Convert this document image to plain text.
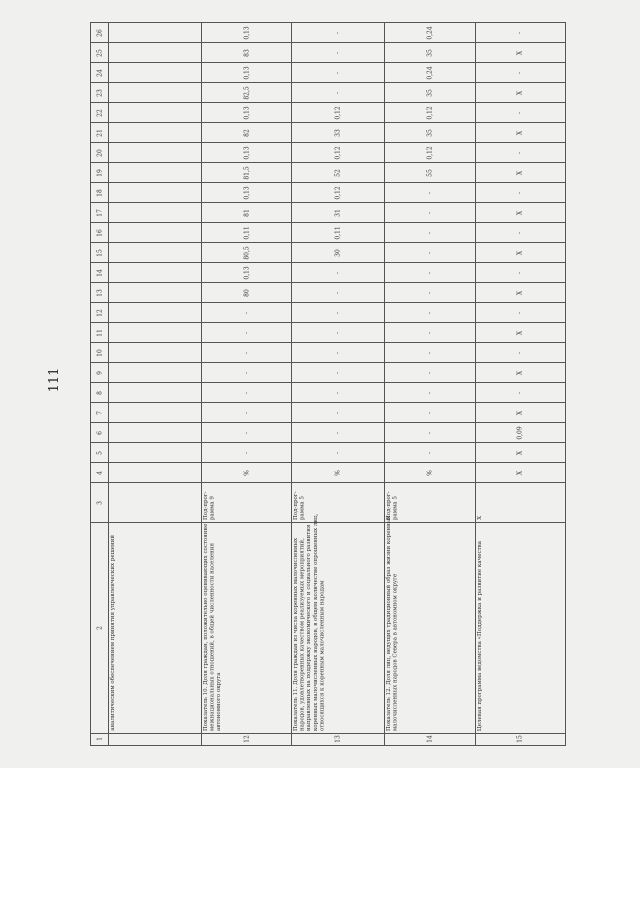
111
26		0,13	-	0,24	-

25		83	-	35	X

24		0,13	-	0,24	-

23		82,5	-	35	X

22		0,13	0,12	0,12	-

21		82	33	35	X

20		0,13	0,12	0,12	-

19		81,5	52	55	X

18		0,13	0,12	-	-

17		81	31	-	X

16		0,11	0,11	-	-

15		80,5	30	-	X

14		0,13	-	-	-

13		80	-	-	X

12		-	-	-	-

11		-	-	-	X

10		-	-	-	-

9		-	-	-	X

8		-	-	-	-

7		-	-	-	X

6		-	-	-	0,09

5		-	-	-	X

4		%	%	%	X

3		Под-прог-рамма 9	Под-прог-рамма 5	Под-прог-рамма 5	X

2	аналитическим обеспечением принятия управленческих решений	Показатель 10. Доля граждан, положительно оценивающих состояние межнациональных отношений, в общей численности населения автономного округа	Показатель 11. Доля граждан из числа коренных малочисленных народов, удовлетворенных качеством реализуемых мероприятий, направленных на поддержку экономического и социального развития коренных малочисленных народов, в общем количестве опрошенных лиц, относящихся к коренным малочисленным народам	Показатель 12. Доля лиц, ведущих традиционный образ жизни коренных малочисленных народов Севера в автономном округе	Целевая программа ведомства «Поддержка и развитие качества

1		12	13	14	15
